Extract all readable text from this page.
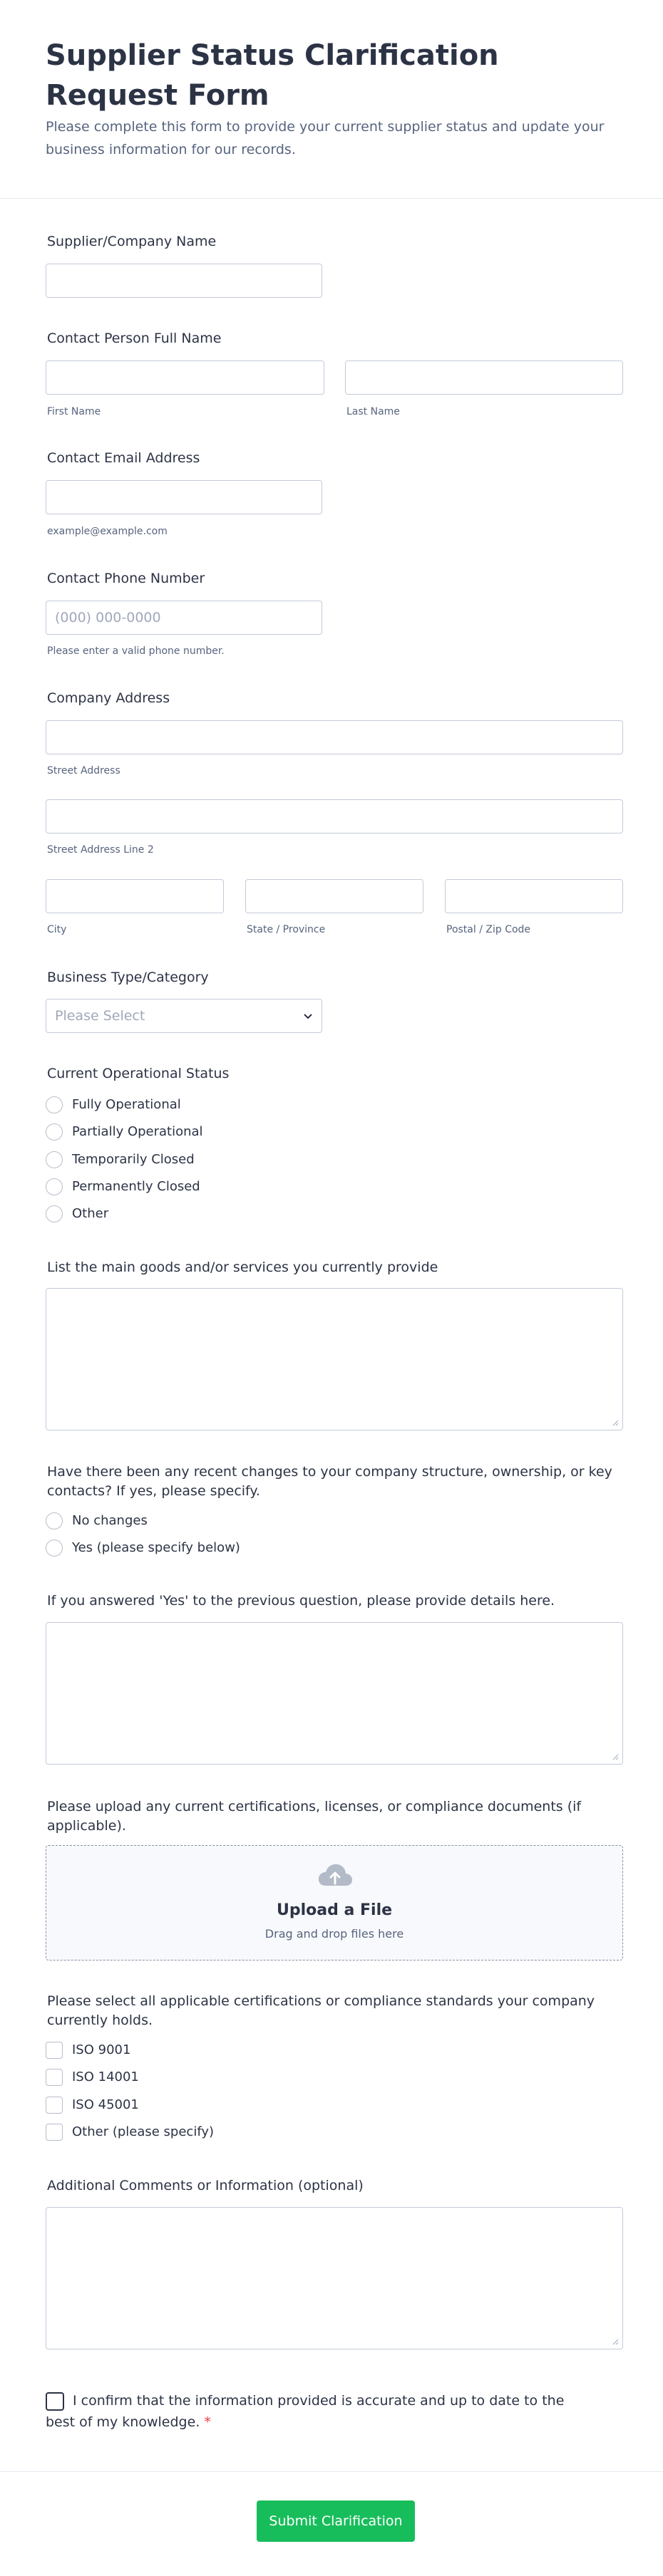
Supplier Status Clarification Request Form

Please complete this form to provide your current supplier status and update your business information for our records.

Supplier/Company Name
Contact Person Full Name
First Name	Last Name
Contact Email Address
example@example.com
Contact Phone Number
(000) 000-0000
Please enter a valid phone number.
Company Address
Street Address
Street Address Line 2
City	State / Province	Postal / Zip Code
Business Type/Category
Please Select
Current Operational Status
Fully Operational
Partially Operational
Temporarily Closed
Permanently Closed
Other
List the main goods and/or services you currently provide
Have there been any recent changes to your company structure, ownership, or key contacts? If yes, please specify.
No changes
Yes (please specify below)
If you answered 'Yes' to the previous question, please provide details here.
Please upload any current certifications, licenses, or compliance documents (if applicable).
Upload a File
Drag and drop files here
Please select all applicable certifications or compliance standards your company currently holds.
ISO 9001
ISO 14001
ISO 45001
Other (please specify)
Additional Comments or Information (optional)
I confirm that the information provided is accurate and up to date to the best of my knowledge. *
Submit Clarification
